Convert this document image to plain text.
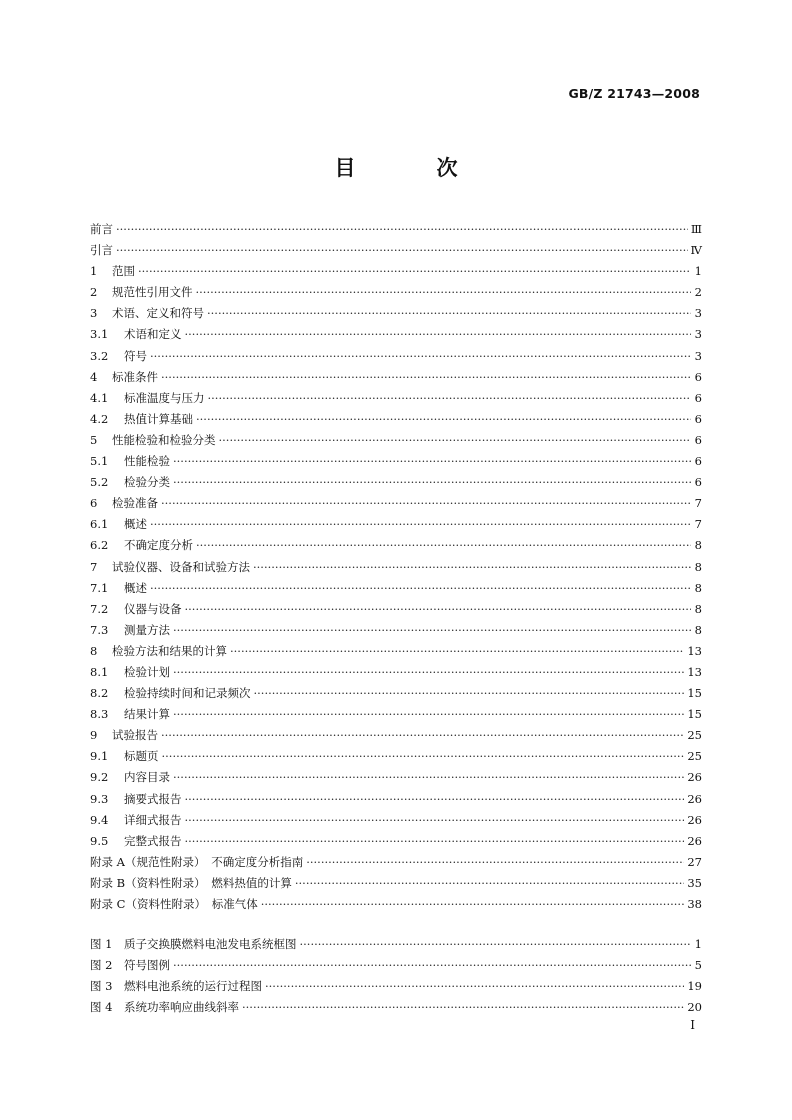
GB/Z 21743—2008
目　次
前言 ·····	Ⅲ
引言 ·····	Ⅳ
1 范围 ·····	1
2 规范性引用文件 ·····	2
3 术语、定义和符号 ·····	3
3.1 术语和定义 ·····	3
3.2 符号 ·····	3
4 标准条件 ·····	6
4.1 标准温度与压力 ·····	6
4.2 热值计算基础 ·····	6
5 性能检验和检验分类 ·····	6
5.1 性能检验 ·····	6
5.2 检验分类 ·····	6
6 检验准备 ·····	7
6.1 概述 ·····	7
6.2 不确定度分析 ·····	8
7 试验仪器、设备和试验方法 ·····	8
7.1 概述 ·····	8
7.2 仪器与设备 ·····	8
7.3 测量方法 ·····	8
8 检验方法和结果的计算 ·····	13
8.1 检验计划 ·····	13
8.2 检验持续时间和记录频次 ·····	15
8.3 结果计算 ·····	15
9 试验报告 ·····	25
9.1 标题页 ·····	25
9.2 内容目录 ·····	26
9.3 摘要式报告 ·····	26
9.4 详细式报告 ·····	26
9.5 完整式报告 ·····	26
附录 A（规范性附录）　不确定度分析指南 ·····	27
附录 B（资料性附录）　燃料热值的计算 ·····	35
附录 C（资料性附录）　标准气体 ·····	38
图 1　质子交换膜燃料电池发电系统框图 ·····	1
图 2　符号图例 ·····	5
图 3　燃料电池系统的运行过程图 ·····	19
图 4　系统功率响应曲线斜率 ·····	20
Ⅰ
